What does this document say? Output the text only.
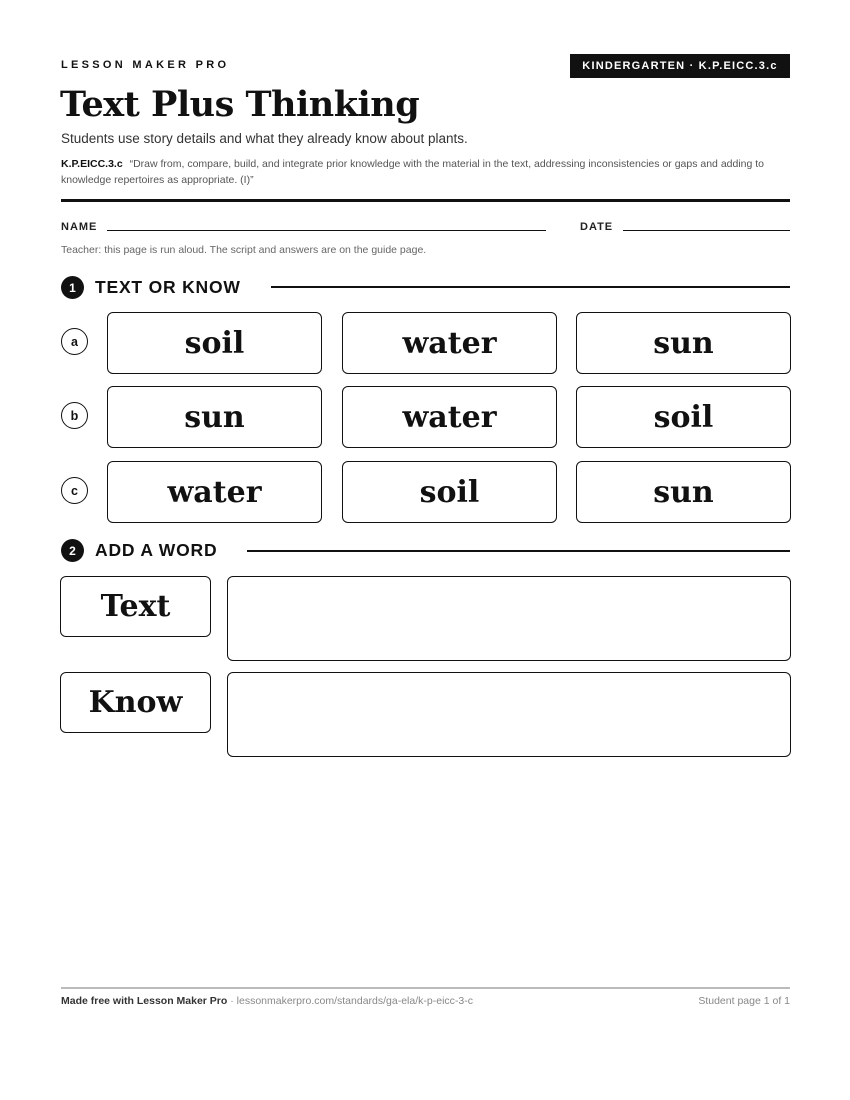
LESSON MAKER PRO	KINDERGARTEN · K.P.EICC.3.c
Text Plus Thinking
Students use story details and what they already know about plants.
K.P.EICC.3.c “Draw from, compare, build, and integrate prior knowledge with the material in the text, addressing inconsistencies or gaps and adding to knowledge repertoires as appropriate. (I)”
NAME	DATE
Teacher: this page is run aloud. The script and answers are on the guide page.
1	TEXT OR KNOW
a	soil	water	sun
b	sun	water	soil
c	water	soil	sun
2	ADD A WORD
Text
Know
Made free with Lesson Maker Pro · lessonmakerpro.com/standards/ga-ela/k-p-eicc-3-c	Student page 1 of 1
